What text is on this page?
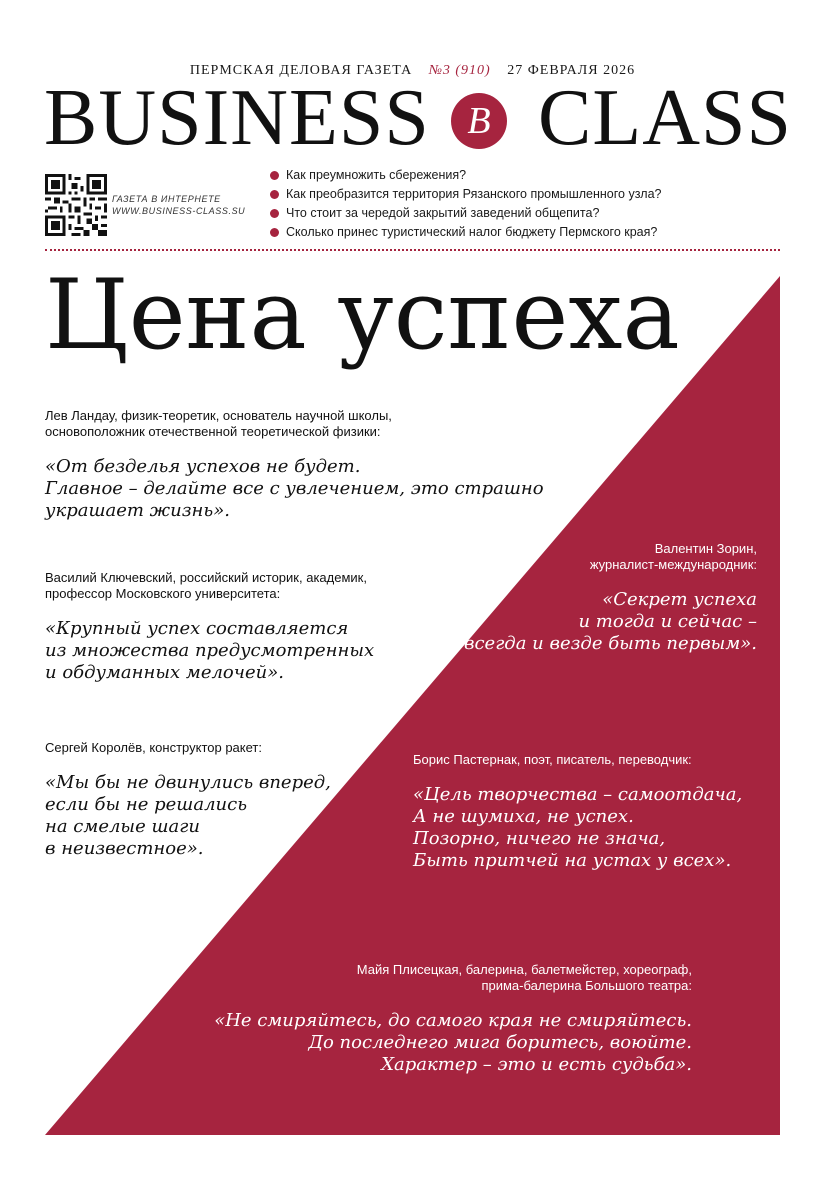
ПЕРМСКАЯ ДЕЛОВАЯ ГАЗЕТА №3 (910) 27 ФЕВРАЛЯ 2026
BUSINESS B CLASS
ГАЗЕТА В ИНТЕРНЕТЕ
WWW.BUSINESS-CLASS.SU
Как преумножить сбережения?
Как преобразится территория Рязанского промышленного узла?
Что стоит за чередой закрытий заведений общепита?
Сколько принес туристический налог бюджету Пермского края?
Цена успеха
Лев Ландау, физик-теоретик, основатель научной школы,
основоположник отечественной теоретической физики:
«От безделья успехов не будет.
Главное – делайте все с увлечением, это страшно
украшает жизнь».
Василий Ключевский, российский историк, академик,
профессор Московского университета:
«Крупный успех составляется
из множества предусмотренных
и обдуманных мелочей».
Сергей Королёв, конструктор ракет:
«Мы бы не двинулись вперед,
если бы не решались
на смелые шаги
в неизвестное».
Валентин Зорин,
журналист-международник:
«Секрет успеха
и тогда и сейчас –
всегда и везде быть первым».
Борис Пастернак, поэт, писатель, переводчик:
«Цель творчества – самоотдача,
А не шумиха, не успех.
Позорно, ничего не знача,
Быть притчей на устах у всех».
Майя Плисецкая, балерина, балетмейстер, хореограф,
прима-балерина Большого театра:
«Не смиряйтесь, до самого края не смиряйтесь.
До последнего мига боритесь, воюйте.
Характер – это и есть судьба».
